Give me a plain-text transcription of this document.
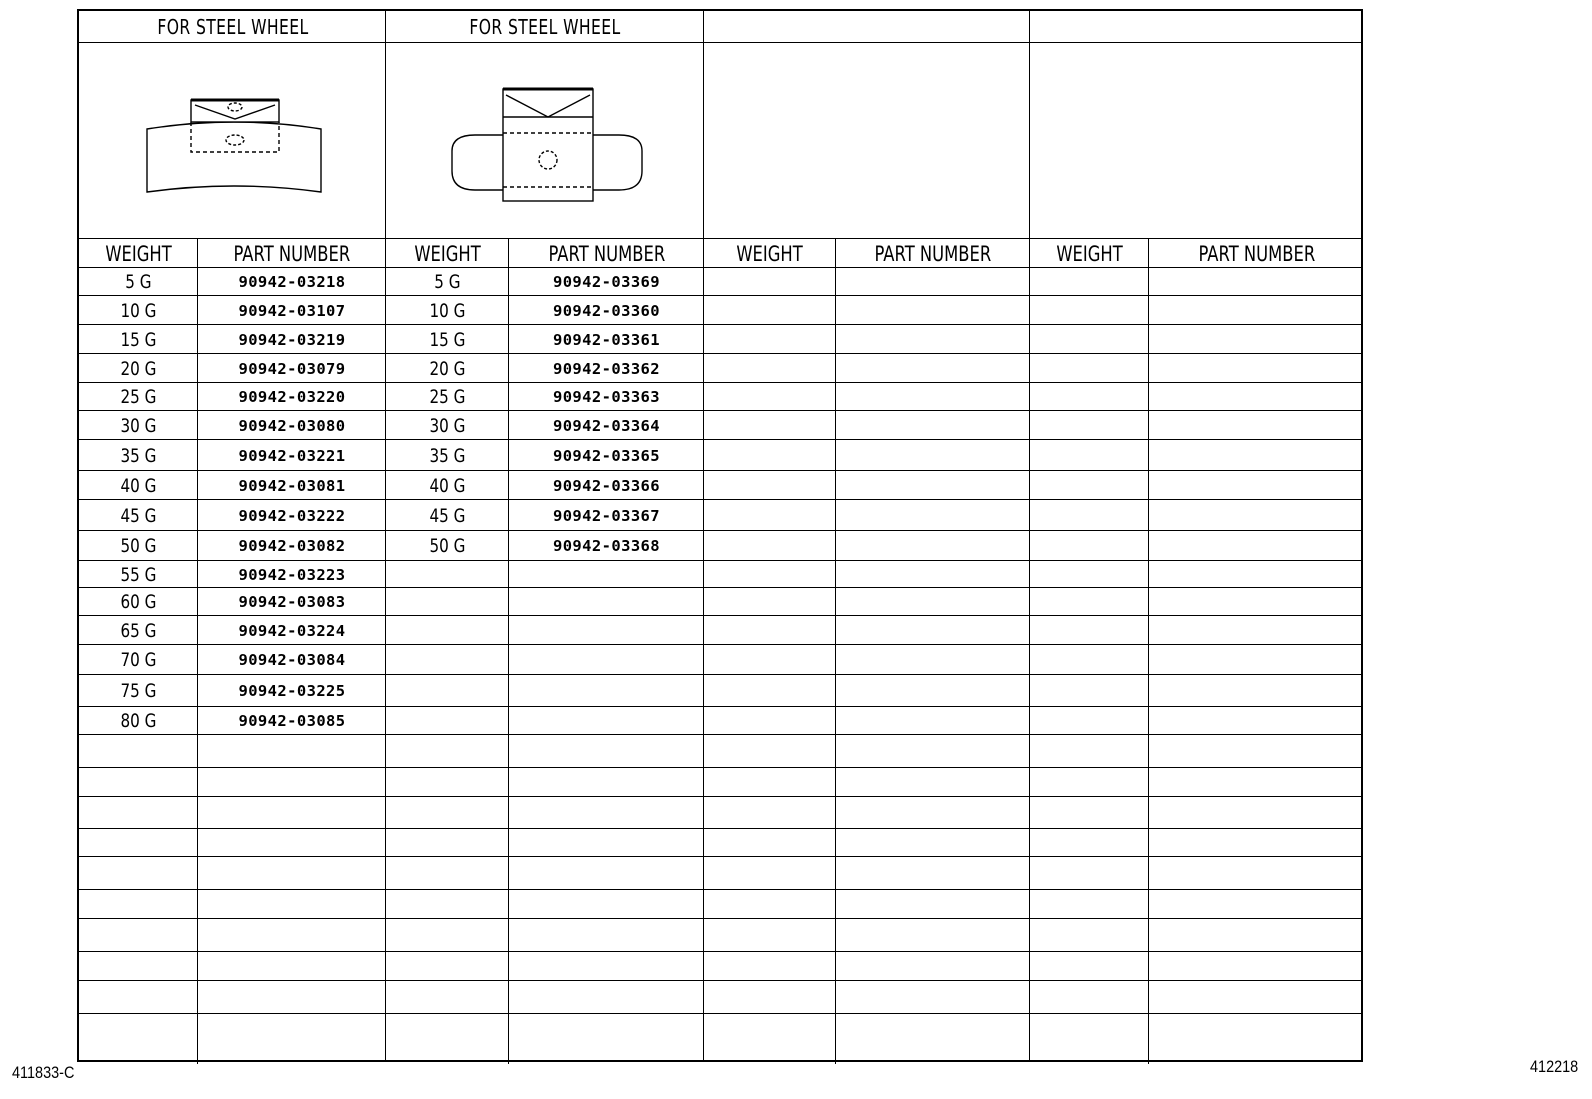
FOR STEEL WHEEL
WEIGHT	PART NUMBER
5 G	90942-03218
10 G	90942-03107
15 G	90942-03219
20 G	90942-03079
25 G	90942-03220
30 G	90942-03080
35 G	90942-03221
40 G	90942-03081
45 G	90942-03222
50 G	90942-03082
55 G	90942-03223
60 G	90942-03083
65 G	90942-03224
70 G	90942-03084
75 G	90942-03225
80 G	90942-03085
FOR STEEL WHEEL
WEIGHT	PART NUMBER
5 G	90942-03369
10 G	90942-03360
15 G	90942-03361
20 G	90942-03362
25 G	90942-03363
30 G	90942-03364
35 G	90942-03365
40 G	90942-03366
45 G	90942-03367
50 G	90942-03368
WEIGHT	PART NUMBER	WEIGHT	PART NUMBER
411833-C	412218
